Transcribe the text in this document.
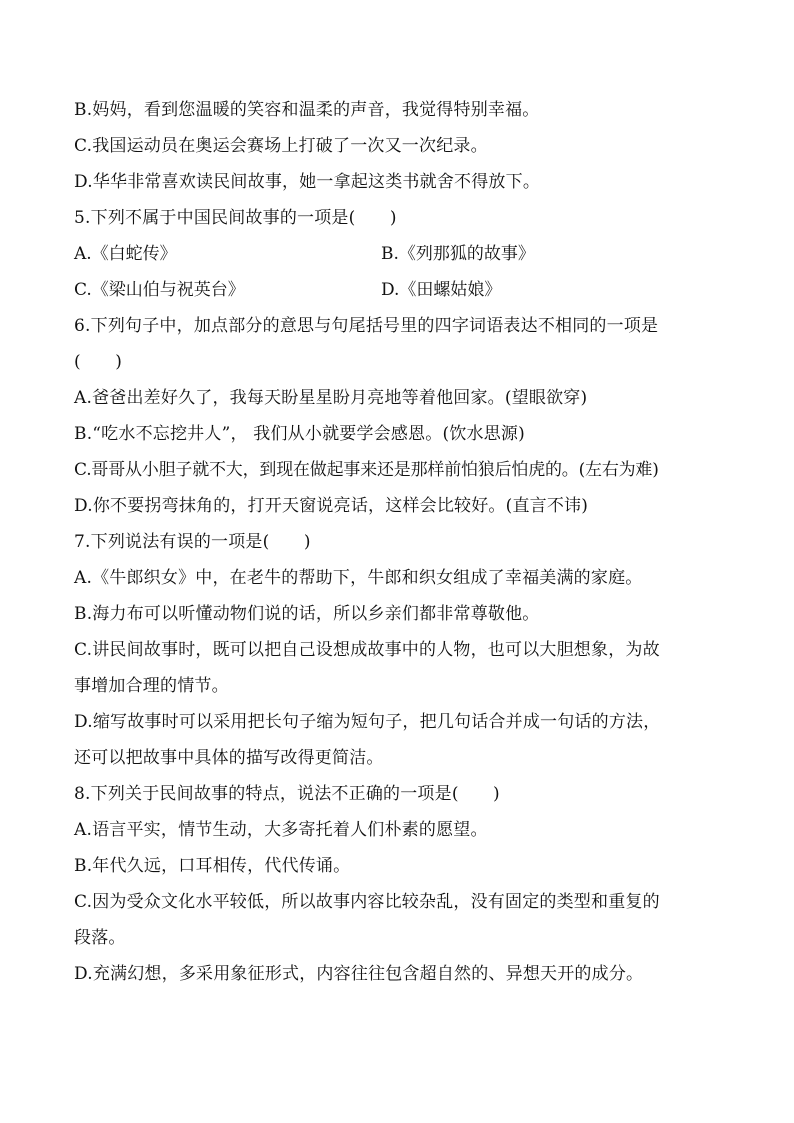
B.妈妈，看到您温暖的笑容和温柔的声音，我觉得特别幸福。
C.我国运动员在奥运会赛场上打破了一次又一次纪录。
D.华华非常喜欢读民间故事，她一拿起这类书就舍不得放下。
5.下列不属于中国民间故事的一项是(　　)
A.《白蛇传》	B.《列那狐的故事》
C.《梁山伯与祝英台》	D.《田螺姑娘》
6.下列句子中，加点部分的意思与句尾括号里的四字词语表达不相同的一项是
(　　)
A.爸爸出差好久了，我每天盼星星盼月亮地等着他回家。(望眼欲穿)
B.“吃水不忘挖井人”， 我们从小就要学会感恩。(饮水思源)
C.哥哥从小胆子就不大，到现在做起事来还是那样前怕狼后怕虎的。(左右为难)
D.你不要拐弯抹角的，打开天窗说亮话，这样会比较好。(直言不讳)
7.下列说法有误的一项是(　　)
A.《牛郎织女》中，在老牛的帮助下，牛郎和织女组成了幸福美满的家庭。
B.海力布可以听懂动物们说的话，所以乡亲们都非常尊敬他。
C.讲民间故事时，既可以把自己设想成故事中的人物，也可以大胆想象，为故
事增加合理的情节。
D.缩写故事时可以采用把长句子缩为短句子，把几句话合并成一句话的方法，
还可以把故事中具体的描写改得更简洁。
8.下列关于民间故事的特点，说法不正确的一项是(　　)
A.语言平实，情节生动，大多寄托着人们朴素的愿望。
B.年代久远，口耳相传，代代传诵。
C.因为受众文化水平较低，所以故事内容比较杂乱，没有固定的类型和重复的
段落。
D.充满幻想，多采用象征形式，内容往往包含超自然的、异想天开的成分。
